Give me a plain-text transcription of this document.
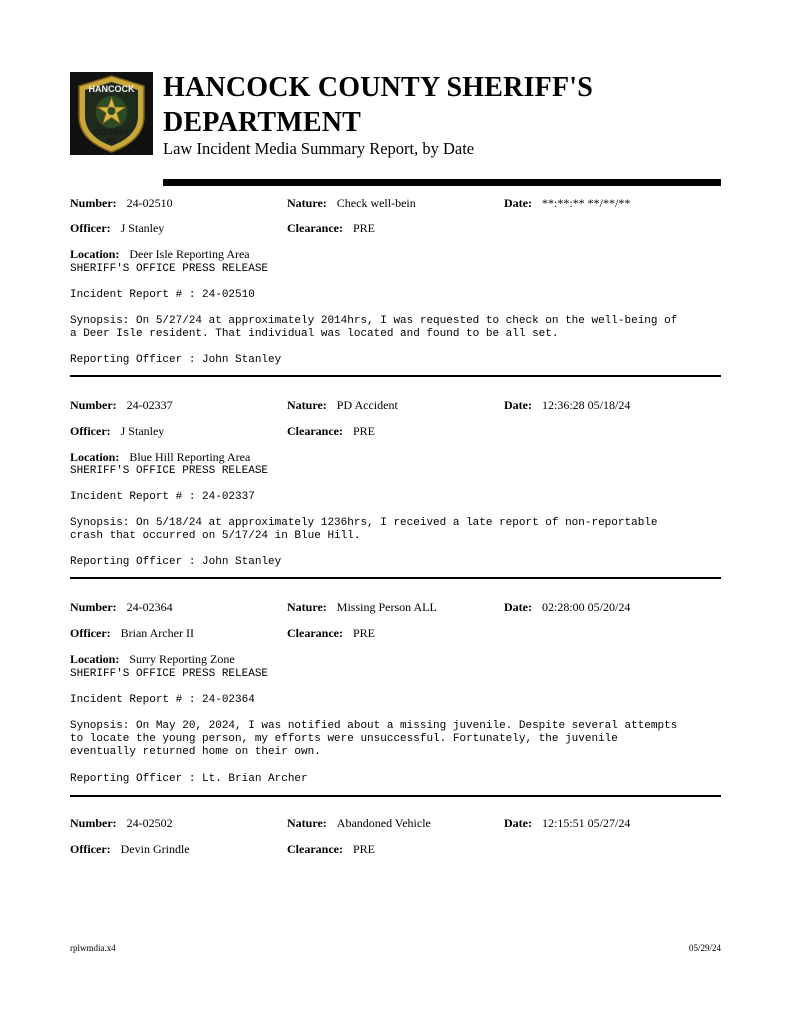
HANCOCK
COUNTY
ME
HANCOCK COUNTY SHERIFF'S
DEPARTMENT
Law Incident Media Summary Report, by Date
Number: 24-02510	Nature: Check well-bein	Date: **:**:** **/**/**
Officer: J Stanley	Clearance: PRE
Location: Deer Isle Reporting Area
SHERIFF'S OFFICE PRESS RELEASE
Incident Report # : 24-02510
Synopsis: On 5/27/24 at approximately 2014hrs, I was requested to check on the well-being of
a Deer Isle resident. That individual was located and found to be all set.
Reporting Officer : John Stanley
Number: 24-02337	Nature: PD Accident	Date: 12:36:28 05/18/24
Officer: J Stanley	Clearance: PRE
Location: Blue Hill Reporting Area
SHERIFF'S OFFICE PRESS RELEASE
Incident Report # : 24-02337
Synopsis: On 5/18/24 at approximately 1236hrs, I received a late report of non-reportable
crash that occurred on 5/17/24 in Blue Hill.
Reporting Officer : John Stanley
Number: 24-02364	Nature: Missing Person ALL	Date: 02:28:00 05/20/24
Officer: Brian Archer II	Clearance: PRE
Location: Surry Reporting Zone
SHERIFF'S OFFICE PRESS RELEASE
Incident Report # : 24-02364
Synopsis: On May 20, 2024, I was notified about a missing juvenile. Despite several attempts
to locate the young person, my efforts were unsuccessful. Fortunately, the juvenile
eventually returned home on their own.
Reporting Officer : Lt. Brian Archer
Number: 24-02502	Nature: Abandoned Vehicle	Date: 12:15:51 05/27/24
Officer: Devin Grindle	Clearance: PRE
rplwmdia.x4	05/29/24
